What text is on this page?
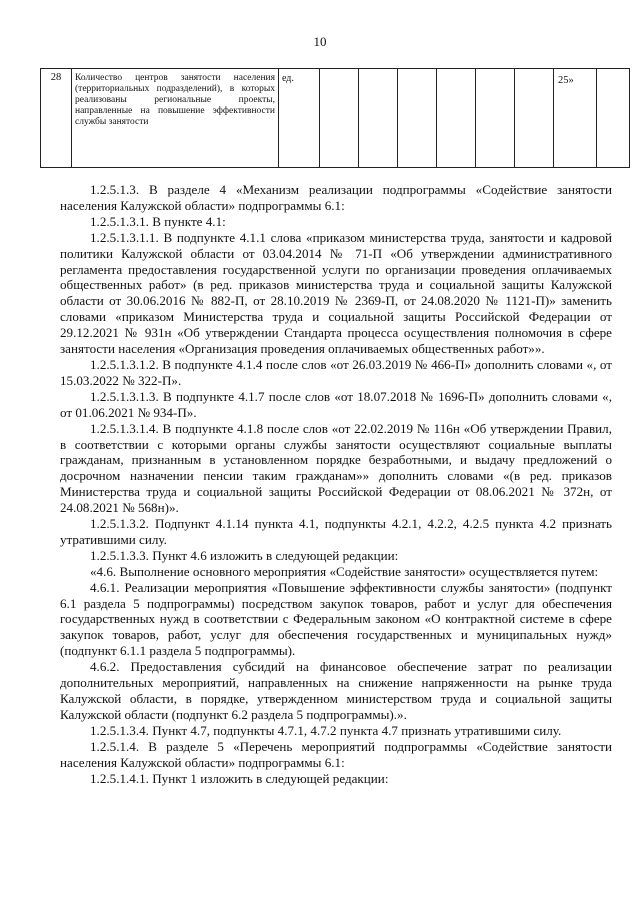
10
28	Количество центров занятости населения (территориальных подразделений), в которых реализованы региональные проекты, направленные на повышение эффективности службы занятости	ед.							25»	

1.2.5.1.3. В разделе 4 «Механизм реализации подпрограммы «Содействие занятости населения Калужской области» подпрограммы 6.1:

1.2.5.1.3.1. В пункте 4.1:

1.2.5.1.3.1.1. В подпункте 4.1.1 слова «приказом министерства труда, занятости и кадровой политики Калужской области от 03.04.2014 № 71-П «Об утверждении административного регламента предоставления государственной услуги по организации проведения оплачиваемых общественных работ» (в ред. приказов министерства труда и социальной защиты Калужской области от 30.06.2016 № 882-П, от 28.10.2019 № 2369-П, от 24.08.2020 № 1121-П)» заменить словами «приказом Министерства труда и социальной защиты Российской Федерации от 29.12.2021 № 931н «Об утверждении Стандарта процесса осуществления полномочия в сфере занятости населения «Организация проведения оплачиваемых общественных работ»».

1.2.5.1.3.1.2. В подпункте 4.1.4 после слов «от 26.03.2019 № 466-П» дополнить словами «, от 15.03.2022 № 322-П».

1.2.5.1.3.1.3. В подпункте 4.1.7 после слов «от 18.07.2018 № 1696-П» дополнить словами «, от 01.06.2021 № 934-П».

1.2.5.1.3.1.4. В подпункте 4.1.8 после слов «от 22.02.2019 № 116н «Об утверждении Правил, в соответствии с которыми органы службы занятости осуществляют социальные выплаты гражданам, признанным в установленном порядке безработными, и выдачу предложений о досрочном назначении пенсии таким гражданам»» дополнить словами «(в ред. приказов Министерства труда и социальной защиты Российской Федерации от 08.06.2021 № 372н, от 24.08.2021 № 568н)».

1.2.5.1.3.2. Подпункт 4.1.14 пункта 4.1, подпункты 4.2.1, 4.2.2, 4.2.5 пункта 4.2 признать утратившими силу.

1.2.5.1.3.3. Пункт 4.6 изложить в следующей редакции:

«4.6. Выполнение основного мероприятия «Содействие занятости» осуществляется путем:

4.6.1. Реализации мероприятия «Повышение эффективности службы занятости» (подпункт 6.1 раздела 5 подпрограммы) посредством закупок товаров, работ и услуг для обеспечения государственных нужд в соответствии с Федеральным законом «О контрактной системе в сфере закупок товаров, работ, услуг для обеспечения государственных и муниципальных нужд» (подпункт 6.1.1 раздела 5 подпрограммы).

4.6.2. Предоставления субсидий на финансовое обеспечение затрат по реализации дополнительных мероприятий, направленных на снижение напряженности на рынке труда Калужской области, в порядке, утвержденном министерством труда и социальной защиты Калужской области (подпункт 6.2 раздела 5 подпрограммы).».

1.2.5.1.3.4. Пункт 4.7, подпункты 4.7.1, 4.7.2 пункта 4.7 признать утратившими силу.

1.2.5.1.4. В разделе 5 «Перечень мероприятий подпрограммы «Содействие занятости населения Калужской области» подпрограммы 6.1:

1.2.5.1.4.1. Пункт 1 изложить в следующей редакции:
